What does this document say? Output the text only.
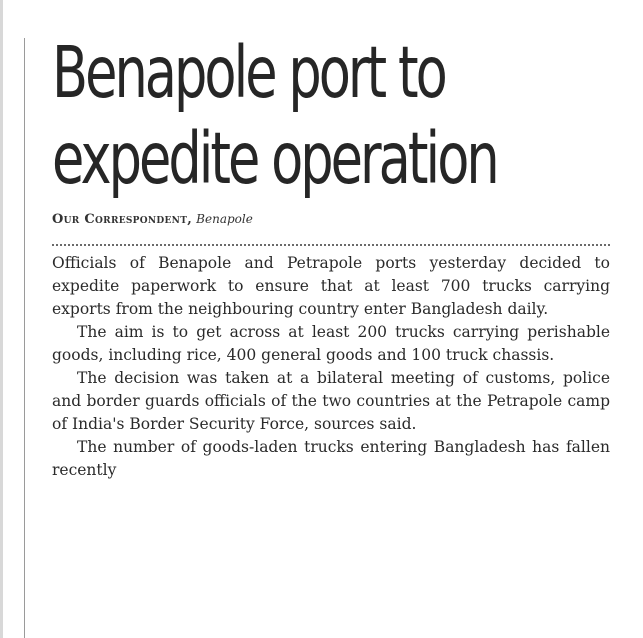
Benapole port to
expedite operation
Our Correspondent, Benapole

Officials of Benapole and Petrapole ports yesterday decided to expedite paperwork to ensure that at least 700 trucks carrying exports from the neighbouring country enter Bangladesh daily.

The aim is to get across at least 200 trucks carrying perishable goods, including rice, 400 general goods and 100 truck chassis.

The decision was taken at a bilateral meeting of customs, police and border guards officials of the two countries at the Petrapole camp of India's Border Security Force, sources said.

The number of goods-laden trucks entering Bangladesh has fallen recently
